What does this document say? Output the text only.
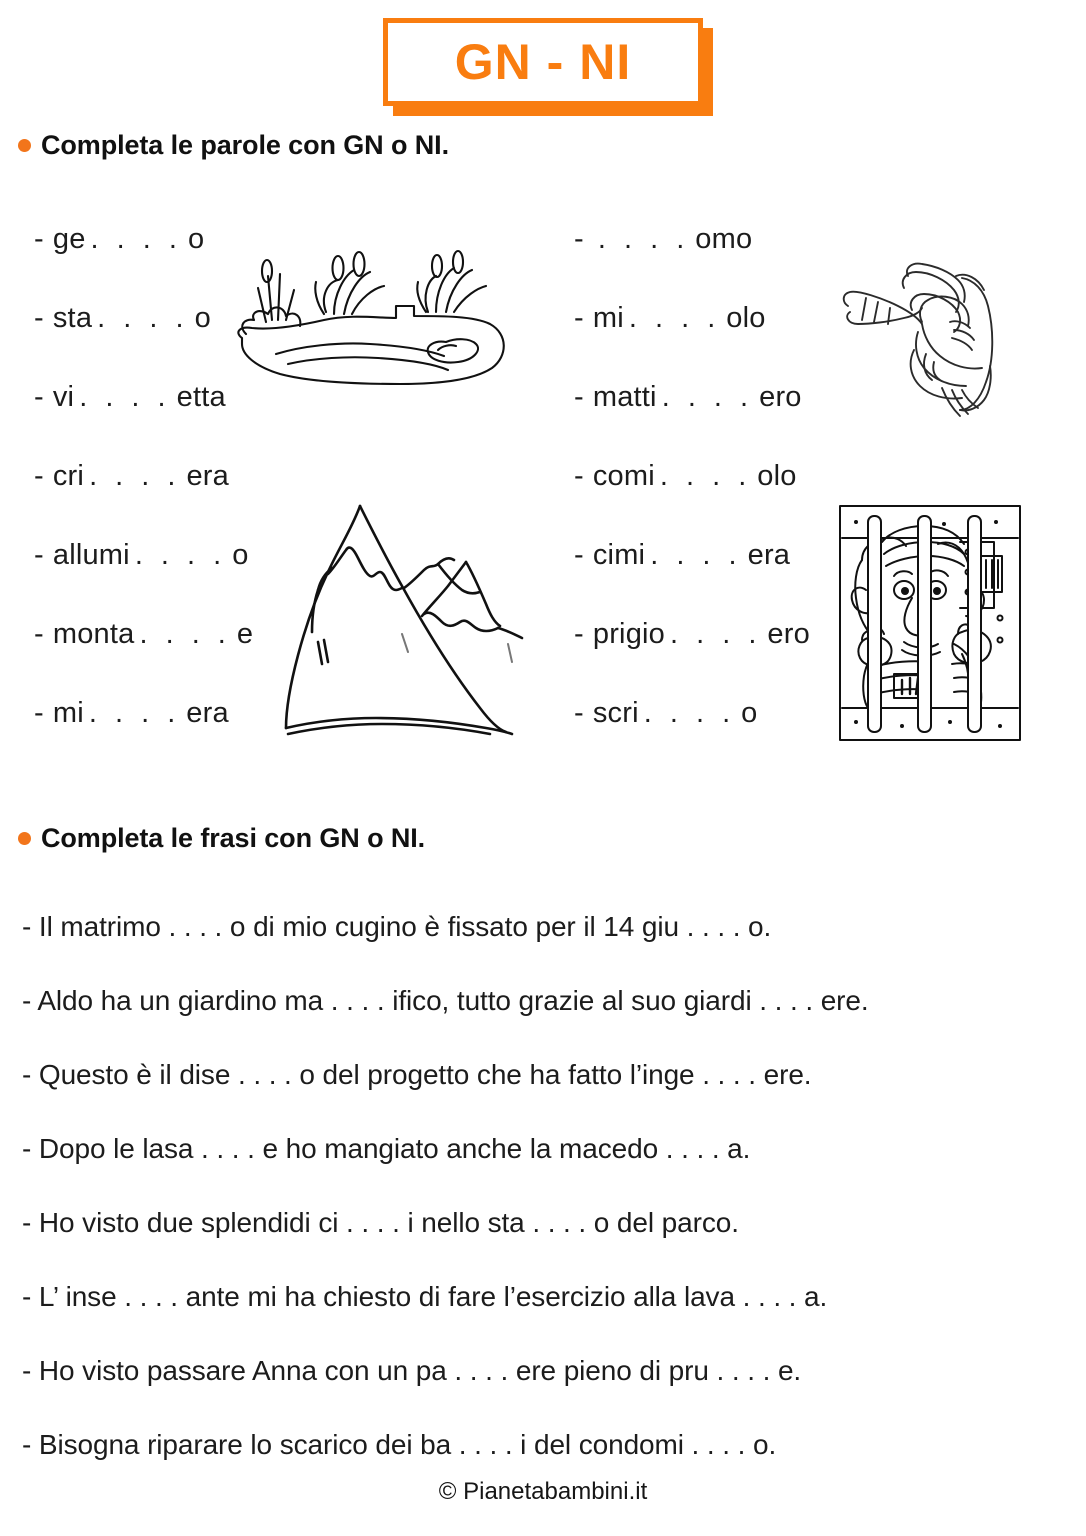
GN - NI
Completa le parole con GN o NI.
- ge . . . . o
- sta . . . . o
- vi . . . . etta
- cri . . . . era
- allumi . . . . o
- monta . . . . e
- mi . . . . era
- . . . . omo
- mi . . . . olo
- matti . . . . ero
- comi . . . . olo
- cimi . . . . era
- prigio . . . . ero
- scri . . . . o
Completa le frasi con GN o NI.
- Il matrimo . . . . o di mio cugino è fissato per il 14 giu . . . . o.
- Aldo ha un giardino ma . . . . ifico, tutto grazie al suo giardi . . . . ere.
- Questo è il dise . . . . o del progetto che ha fatto l’inge . . . . ere.
- Dopo le lasa . . . . e ho mangiato anche la macedo . . . . a.
- Ho visto due splendidi ci . . . . i nello sta . . . . o del parco.
- L’ inse . . . . ante mi ha chiesto di fare l’esercizio alla lava . . . . a.
- Ho visto passare Anna con un pa . . . . ere pieno di pru . . . . e.
- Bisogna riparare lo scarico dei ba . . . . i del condomi . . . . o.
© Pianetabambini.it
